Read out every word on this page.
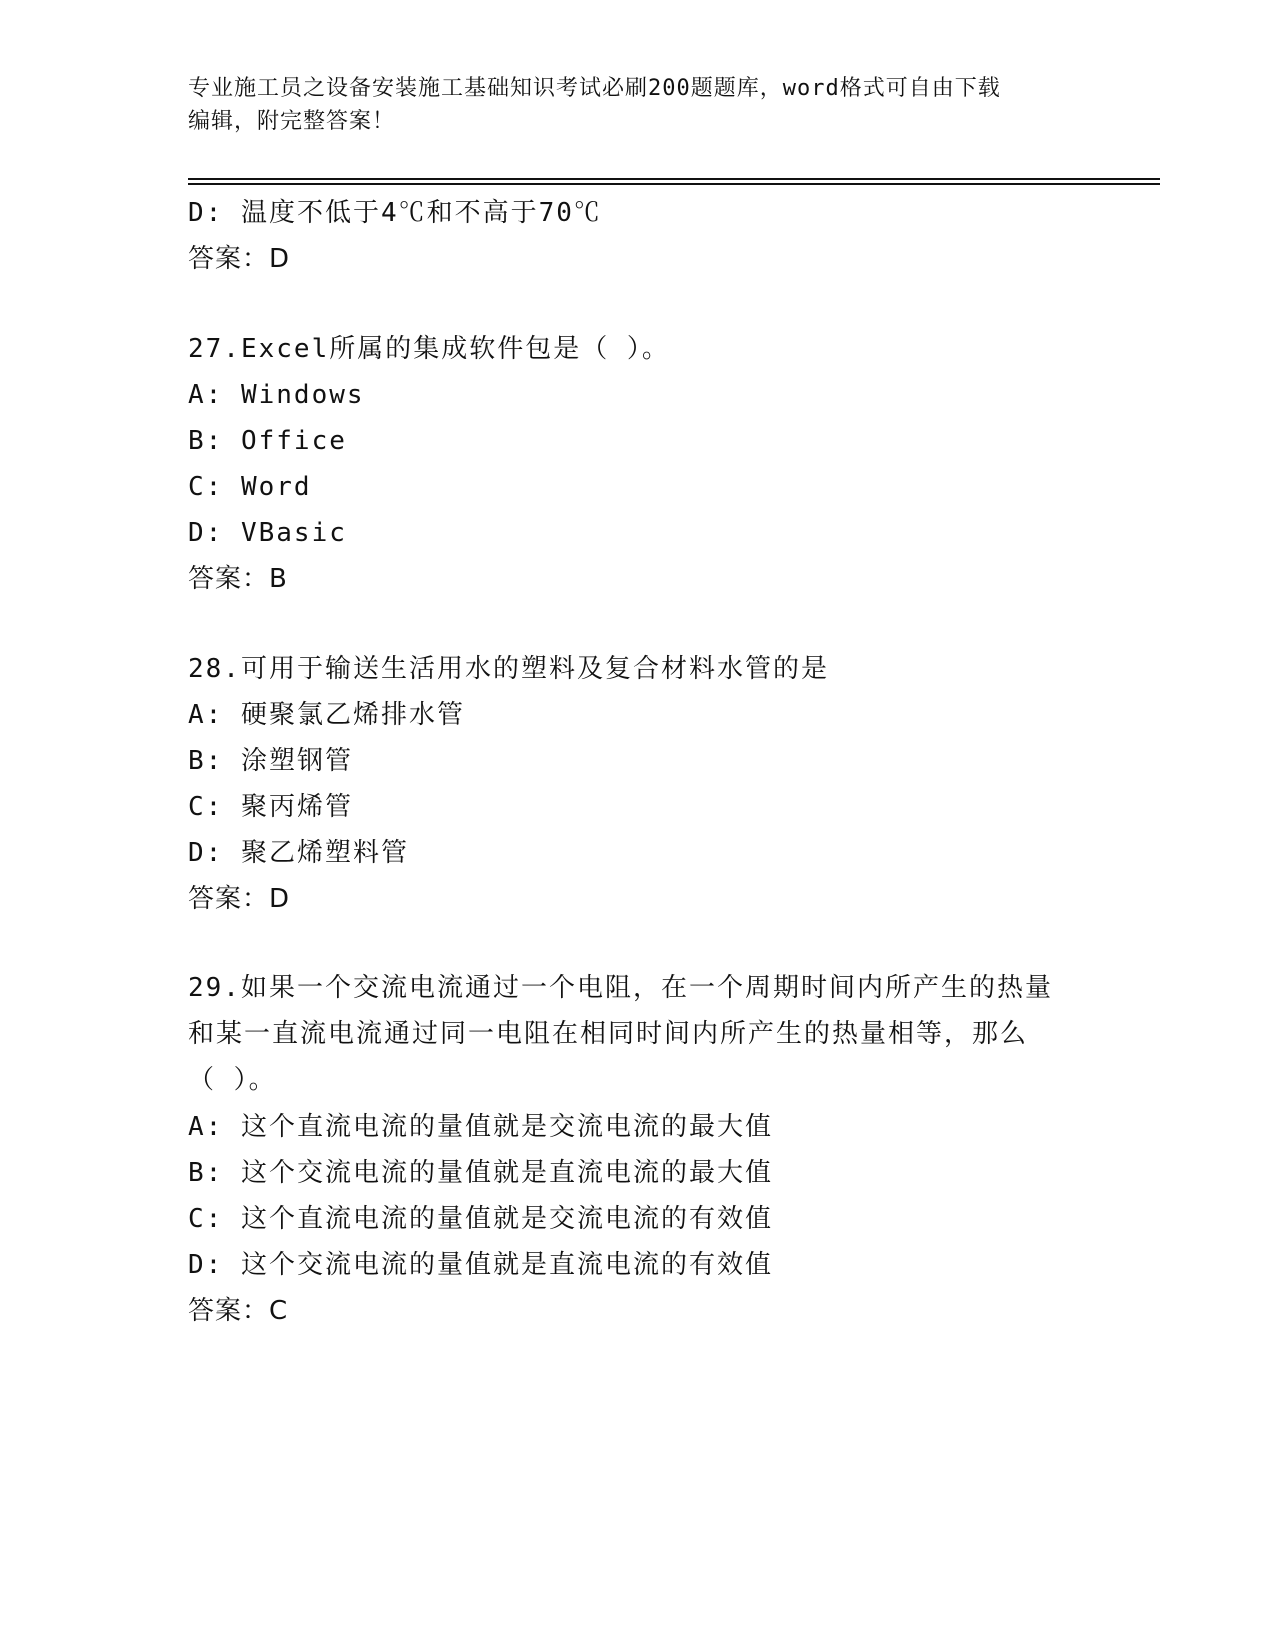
专业施工员之设备安装施工基础知识考试必刷200题题库，word格式可自由下载
编辑，附完整答案！
D: 温度不低于4℃和不高于70℃
答案：D
27.Excel所属的集成软件包是（ ）。
A: Windows
B: Office
C: Word
D: VBasic
答案：B
28.可用于输送生活用水的塑料及复合材料水管的是
A: 硬聚氯乙烯排水管
B: 涂塑钢管
C: 聚丙烯管
D: 聚乙烯塑料管
答案：D
29.如果一个交流电流通过一个电阻，在一个周期时间内所产生的热量
和某一直流电流通过同一电阻在相同时间内所产生的热量相等，那么
（ ）。
A: 这个直流电流的量值就是交流电流的最大值
B: 这个交流电流的量值就是直流电流的最大值
C: 这个直流电流的量值就是交流电流的有效值
D: 这个交流电流的量值就是直流电流的有效值
答案：C
